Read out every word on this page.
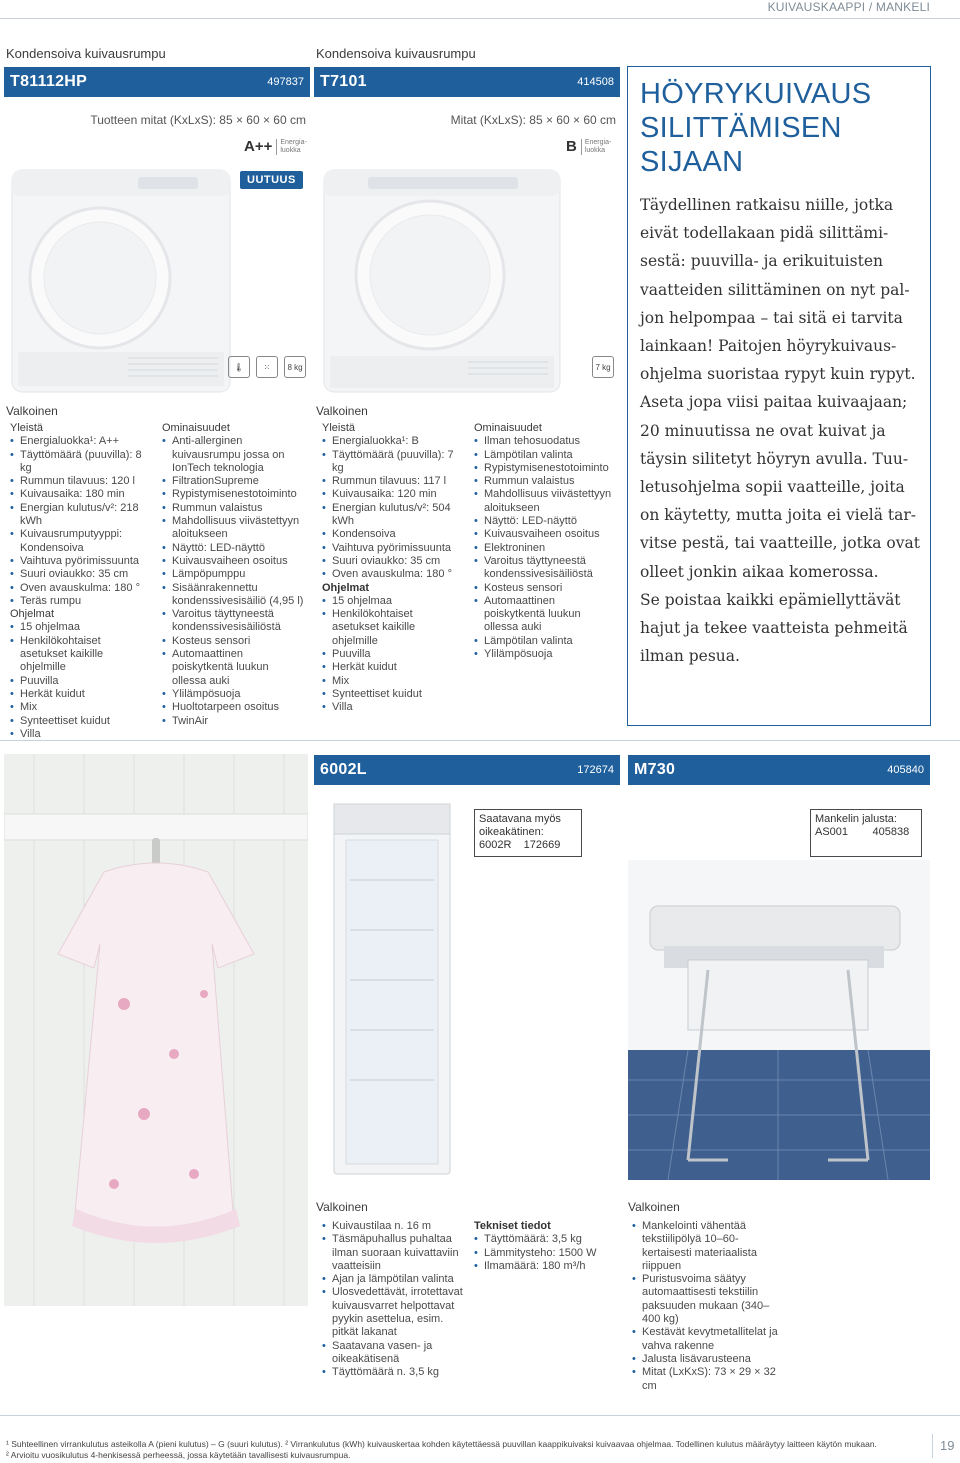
KUIVAUSKAAPPI / MANKELI
Kondensoiva kuivausrumpu
T81112HP	497837
Tuotteen mitat (KxLxS): 85 × 60 × 60 cm
A++	Energia- luokka
UUTUUS
🌡	⁙	8 kg
Valkoinen
Yleistä
• Energialuokka¹: A++
• Täyttömäärä (puuvilla): 8 kg
• Rummun tilavuus: 120 l
• Kuivausaika: 180 min
• Energian kulutus/v²: 218 kWh
• Kuivausrumputyyppi: Kondensoiva
• Vaihtuva pyörimissuunta
• Suuri oviaukko: 35 cm
• Oven avauskulma: 180 °
• Teräs rumpu
Ohjelmat
• 15 ohjelmaa
• Henkilökohtaiset asetukset kaikille ohjelmille
• Puuvilla
• Herkät kuidut
• Mix
• Synteettiset kuidut
• Villa
Ominaisuudet
• Anti-allerginen kuivausrumpu jossa on IonTech teknologia
• FiltrationSupreme
• Rypistymisenestotoiminto
• Rummun valaistus
• Mahdollisuus viivästettyyn aloitukseen
• Näyttö: LED-näyttö
• Kuivausvaiheen osoitus
• Lämpöpumppu
• Sisäänrakennettu kondenssivesisäiliö (4,95 l)
• Varoitus täyttyneestä kondenssivesisäiliöstä
• Kosteus sensori
• Automaattinen poiskytkentä luukun ollessa auki
• Ylilämpösuoja
• Huoltotarpeen osoitus
• TwinAir
Kondensoiva kuivausrumpu
T7101	414508
Mitat (KxLxS): 85 × 60 × 60 cm
B	Energia- luokka
7 kg
Valkoinen
Yleistä
• Energialuokka¹: B
• Täyttömäärä (puuvilla): 7 kg
• Rummun tilavuus: 117 l
• Kuivausaika: 120 min
• Energian kulutus/v²: 504 kWh
• Kondensoiva
• Vaihtuva pyörimissuunta
• Suuri oviaukko: 35 cm
• Oven avauskulma: 180 °
Ohjelmat
• 15 ohjelmaa
• Henkilökohtaiset asetukset kaikille ohjelmille
• Puuvilla
• Herkät kuidut
• Mix
• Synteettiset kuidut
• Villa
Ominaisuudet
• Ilman tehosuodatus
• Lämpötilan valinta
• Rypistymisenestotoiminto
• Rummun valaistus
• Mahdollisuus viivästettyyn aloitukseen
• Näyttö: LED-näyttö
• Kuivausvaiheen osoitus
• Elektroninen
• Varoitus täyttyneestä kondenssivesisäiliöstä
• Kosteus sensori
• Automaattinen poiskytkentä luukun ollessa auki
• Lämpötilan valinta
• Ylilämpösuoja
HÖYRYKUIVAUS
SILITTÄMISEN
SIJAAN
Täydellinen ratkaisu niille, jotka
eivät todellakaan pidä silittämi-
sestä: puuvilla- ja erikuituisten
vaatteiden silittäminen on nyt pal-
jon helpompaa – tai sitä ei tarvita
lainkaan! Paitojen höyrykuivaus-
ohjelma suoristaa rypyt kuin rypyt.
Aseta jopa viisi paitaa kuivaajaan;
20 minuutissa ne ovat kuivat ja
täysin silitetyt höyryn avulla. Tuu-
letusohjelma sopii vaatteille, joita
on käytetty, mutta joita ei vielä tar-
vitse pestä, tai vaatteille, jotka ovat
olleet jonkin aikaa komerossa.
Se poistaa kaikki epämiellyttävät
hajut ja tekee vaatteista pehmeitä
ilman pesua.
6002L	172674
Saatavana myös
oikeakätinen:
6002R    172669
M730	405840
Mankelin jalusta:
AS001        405838
Valkoinen
• Kuivaustilaa n. 16 m
• Täsmäpuhallus puhaltaa ilman suoraan kuivattaviin vaatteisiin
• Ajan ja lämpötilan valinta
• Ulosvedettävät, irrotettavat kuivausvarret helpottavat pyykin asettelua, esim. pitkät lakanat
• Saatavana vasen- ja oikeakätisenä
• Täyttömäärä n. 3,5 kg
Tekniset tiedot
• Täyttömäärä: 3,5 kg
• Lämmitysteho: 1500 W
• Ilmamäärä: 180 m³/h
Valkoinen
• Mankelointi vähentää tekstiilipölyä 10–60-kertaisesti materiaalista riippuen
• Puristusvoima säätyy automaattisesti tekstiilin paksuuden mukaan (340–400 kg)
• Kestävät kevytmetallitelat ja vahva rakenne
• Jalusta lisävarusteena
• Mitat (LxKxS): 73 × 29 × 32 cm
¹ Suhteellinen virrankulutus asteikolla A (pieni kulutus) – G (suuri kulutus). ² Virrankulutus (kWh) kuivauskertaa kohden käytettäessä puuvillan kaappikuivaksi kuivaavaa ohjelmaa. Todellinen kulutus määräytyy laitteen käytön mukaan.
² Arvioitu vuosikulutus 4-henkisessä perheessä, jossa käytetään tavallisesti kuivausrumpua.
19
